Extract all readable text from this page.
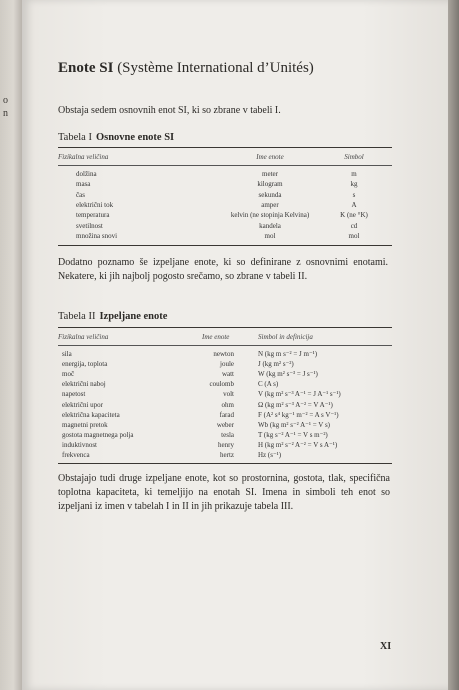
o
n
Enote SI (Système International d’Unités)
Obstaja sedem osnovnih enot SI, ki so zbrane v tabeli I.
Tabela I Osnovne enote SI
Fizikalna veličina	Ime enote	Simbol
dolžina	meter	m
masa	kilogram	kg
čas	sekunda	s
električni tok	amper	A
temperatura	kelvin (ne stopinja Kelvina)	K (ne °K)
svetilnost	kandela	cd
množina snovi	mol	mol
Dodatno poznamo še izpeljane enote, ki so definirane z osnovnimi enotami. Nekatere, ki jih najbolj pogosto srečamo, so zbrane v tabeli II.
Tabela II Izpeljane enote
Fizikalna veličina	Ime enote	Simbol in definicija
sila	newton	N (kg m s⁻² = J m⁻¹)
energija, toplota	joule	J (kg m² s⁻²)
moč	watt	W (kg m² s⁻³ = J s⁻¹)
električni naboj	coulomb	C (A s)
napetost	volt	V (kg m² s⁻³ A⁻¹ = J A⁻¹ s⁻¹)
električni upor	ohm	Ω (kg m² s⁻³ A⁻² = V A⁻¹)
električna kapaciteta	farad	F (A² s⁴ kg⁻¹ m⁻² = A s V⁻¹)
magnetni pretok	weber	Wb (kg m² s⁻² A⁻¹ = V s)
gostota magnetnega polja	tesla	T (kg s⁻² A⁻¹ = V s m⁻²)
induktivnost	henry	H (kg m² s⁻² A⁻² = V s A⁻¹)
frekvenca	hertz	Hz (s⁻¹)
Obstajajo tudi druge izpeljane enote, kot so prostornina, gostota, tlak, specifična toplotna kapaciteta, ki temeljijo na enotah SI. Imena in simboli teh enot so izpeljani iz imen v tabelah I in II in jih prikazuje tabela III.
XI
